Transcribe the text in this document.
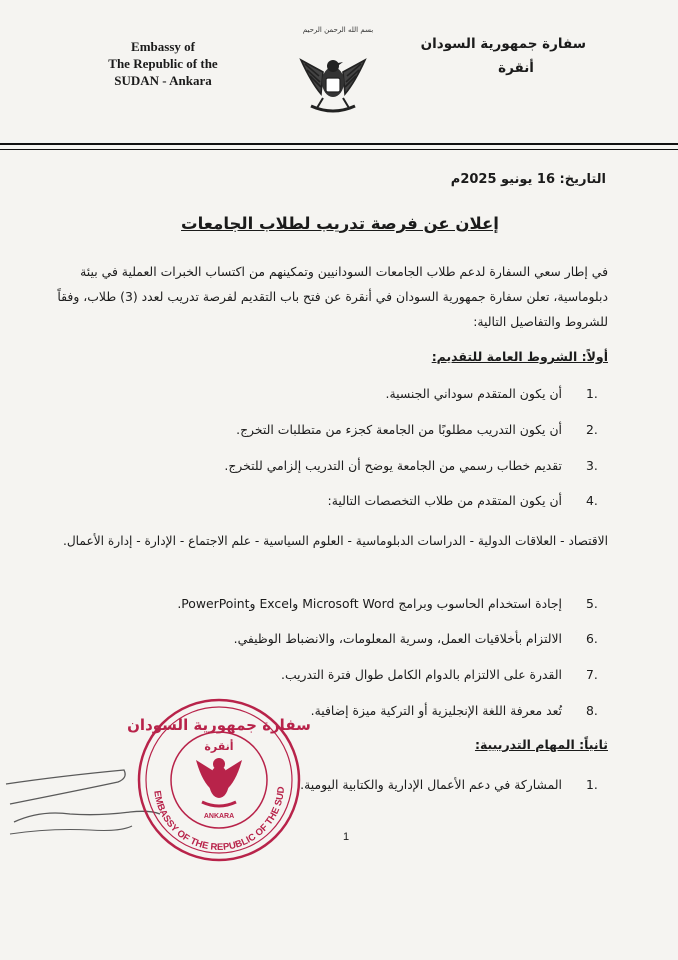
Embassy of
The Republic of the
SUDAN - Ankara
بسم الله الرحمن الرحيم
سفارة جمهورية السودان
أنقرة
التاريخ: 16 يونيو 2025م
إعلان عن فرصة تدريب لطلاب الجامعات
في إطار سعي السفارة لدعم طلاب الجامعات السودانيين وتمكينهم من اكتساب الخبرات العملية في بيئة دبلوماسية، تعلن سفارة جمهورية السودان في أنقرة عن فتح باب التقديم لفرصة تدريب لعدد (3) طلاب، وفقاً للشروط والتفاصيل التالية:
أولاً: الشروط العامة للتقديم:
1.
أن يكون المتقدم سوداني الجنسية.
2.
أن يكون التدريب مطلوبًا من الجامعة كجزء من متطلبات التخرج.
3.
تقديم خطاب رسمي من الجامعة يوضح أن التدريب إلزامي للتخرج.
4.
أن يكون المتقدم من طلاب التخصصات التالية:
الاقتصاد - العلاقات الدولية - الدراسات الدبلوماسية - العلوم السياسية - علم الاجتماع - الإدارة - إدارة الأعمال.
5.
إجادة استخدام الحاسوب وبرامج Microsoft Word وExcel وPowerPoint.
6.
الالتزام بأخلاقيات العمل، وسرية المعلومات، والانضباط الوظيفي.
7.
القدرة على الالتزام بالدوام الكامل طوال فترة التدريب.
8.
تُعد معرفة اللغة الإنجليزية أو التركية ميزة إضافية.
ثانياً: المهام التدريبية:
1.
المشاركة في دعم الأعمال الإدارية والكتابية اليومية.
سفارة جمهورية السودان
أنقرة
ANKARA
EMBASSY OF THE REPUBLIC OF THE SUD
1
